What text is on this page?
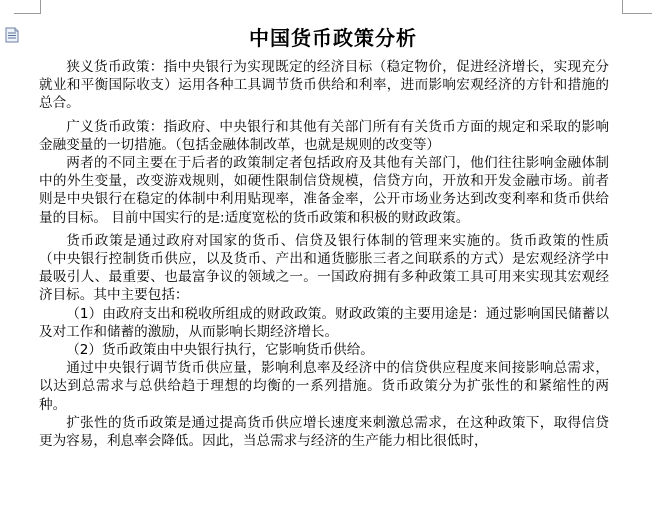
中国货币政策分析

狭义货币政策：指中央银行为实现既定的经济目标（稳定物价，促进经济增长，实现充分就业和平衡国际收支）运用各种工具调节货币供给和利率，进而影响宏观经济的方针和措施的总合。

广义货币政策：指政府、中央银行和其他有关部门所有有关货币方面的规定和采取的影响金融变量的一切措施。（包括金融体制改革，也就是规则的改变等）

两者的不同主要在于后者的政策制定者包括政府及其他有关部门，他们往往影响金融体制中的外生变量，改变游戏规则，如硬性限制信贷规模，信贷方向，开放和开发金融市场。前者则是中央银行在稳定的体制中利用贴现率，准备金率，公开市场业务达到改变利率和货币供给量的目标。 目前中国实行的是:适度宽松的货币政策和积极的财政政策。

货币政策是通过政府对国家的货币、信贷及银行体制的管理来实施的。货币政策的性质（中央银行控制货币供应，以及货币、产出和通货膨胀三者之间联系的方式）是宏观经济学中最吸引人、最重要、也最富争议的领域之一。一国政府拥有多种政策工具可用来实现其宏观经济目标。其中主要包括：

（1）由政府支出和税收所组成的财政政策。财政政策的主要用途是：通过影响国民储蓄以及对工作和储蓄的激励，从而影响长期经济增长。

（2）货币政策由中央银行执行，它影响货币供给。

通过中央银行调节货币供应量，影响利息率及经济中的信贷供应程度来间接影响总需求，以达到总需求与总供给趋于理想的均衡的一系列措施。货币政策分为扩张性的和紧缩性的两种。

扩张性的货币政策是通过提高货币供应增长速度来刺激总需求，在这种政策下，取得信贷更为容易，利息率会降低。因此，当总需求与经济的生产能力相比很低时，
